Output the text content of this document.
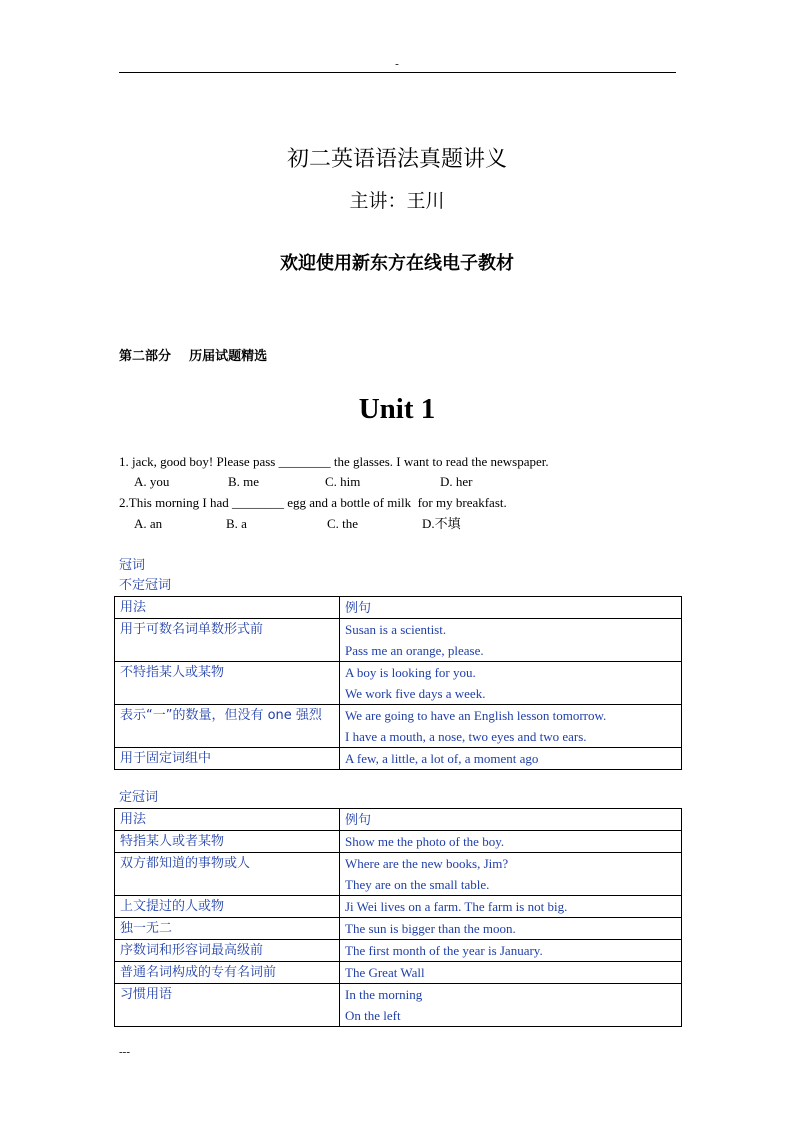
-
初二英语语法真题讲义
主讲：王川
欢迎使用新东方在线电子教材
第二部分    历届试题精选
Unit 1
1. jack, good boy! Please pass ________ the glasses. I want to read the newspaper.
A. you	B. me	C. him	D. her
2.This morning I had ________ egg and a bottle of milk  for my breakfast.
A. an	B. a	C. the	D.不填
冠词
不定冠词
用法	例句
用于可数名词单数形式前	Susan is a scientist.
Pass me an orange, please.

不特指某人或某物	A boy is looking for you.
We work five days a week.

表示“一”的数量，但没有 one 强烈	We are going to have an English lesson tomorrow.
I have a mouth, a nose, two eyes and two ears.

用于固定词组中	A few, a little, a lot of, a moment ago
定冠词
用法	例句
特指某人或者某物	Show me the photo of the boy.

双方都知道的事物或人	Where are the new books, Jim?
They are on the small table.

上文提过的人或物	Ji Wei lives on a farm. The farm is not big.

独一无二	The sun is bigger than the moon.

序数词和形容词最高级前	The first month of the year is January.

普通名词构成的专有名词前	The Great Wall

习惯用语	In the morning
On the left
---
